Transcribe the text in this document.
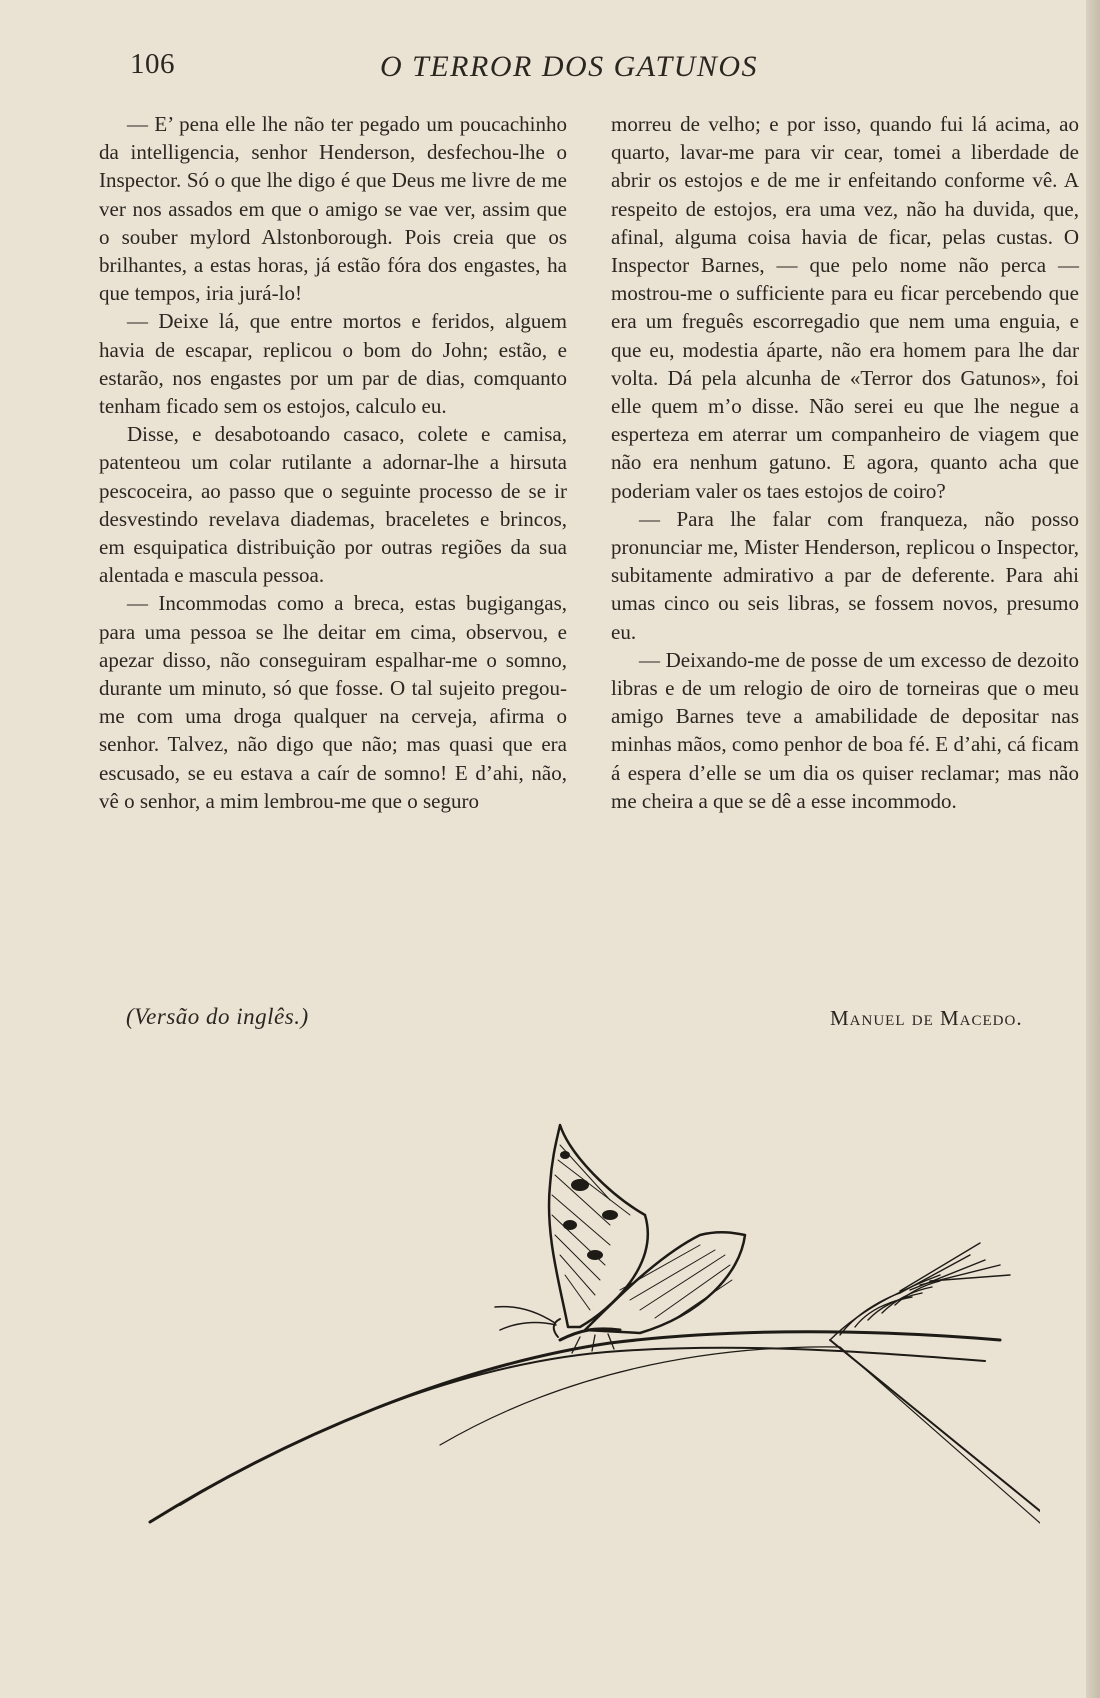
106	O TERROR DOS GATUNOS

— E’ pena elle lhe não ter pegado um poucachinho da intelligencia, senhor Henderson, desfechou-lhe o Inspector. Só o que lhe digo é que Deus me livre de me ver nos assados em que o amigo se vae ver, assim que o souber mylord Alstonborough. Pois creia que os brilhantes, a estas horas, já estão fóra dos engastes, ha que tempos, iria jurá-lo!

— Deixe lá, que entre mortos e feridos, alguem havia de escapar, replicou o bom do John; estão, e estarão, nos engastes por um par de dias, comquanto tenham ficado sem os estojos, calculo eu.

Disse, e desabotoando casaco, colete e camisa, patenteou um colar rutilante a adornar-lhe a hirsuta pescoceira, ao passo que o seguinte processo de se ir desvestindo revelava diademas, braceletes e brincos, em esquipatica distribuição por outras regiões da sua alentada e mascula pessoa.

— Incommodas como a breca, estas bugigangas, para uma pessoa se lhe deitar em cima, observou, e apezar disso, não conseguiram espalhar-me o somno, durante um minuto, só que fosse. O tal sujeito pregou-me com uma droga qualquer na cerveja, afirma o senhor. Talvez, não digo que não; mas quasi que era escusado, se eu estava a caír de somno! E d’ahi, não, vê o senhor, a mim lembrou-me que o seguro

morreu de velho; e por isso, quando fui lá acima, ao quarto, lavar-me para vir cear, tomei a liberdade de abrir os estojos e de me ir enfeitando conforme vê. A respeito de estojos, era uma vez, não ha duvida, que, afinal, alguma coisa havia de ficar, pelas custas. O Inspector Barnes, — que pelo nome não perca — mostrou-me o sufficiente para eu ficar percebendo que era um freguês escorregadio que nem uma enguia, e que eu, modestia áparte, não era homem para lhe dar volta. Dá pela alcunha de «Terror dos Gatunos», foi elle quem m’o disse. Não serei eu que lhe negue a esperteza em aterrar um companheiro de viagem que não era nenhum gatuno. E agora, quanto acha que poderiam valer os taes estojos de coiro?

— Para lhe falar com franqueza, não posso pronunciar me, Mister Henderson, replicou o Inspector, subitamente admirativo a par de deferente. Para ahi umas cinco ou seis libras, se fossem novos, presumo eu.

— Deixando-me de posse de um excesso de dezoito libras e de um relogio de oiro de torneiras que o meu amigo Barnes teve a amabilidade de depositar nas minhas mãos, como penhor de boa fé. E d’ahi, cá ficam á espera d’elle se um dia os quiser reclamar; mas não me cheira a que se dê a esse incommodo.

(Versão do inglês.)	Manuel de Macedo.
